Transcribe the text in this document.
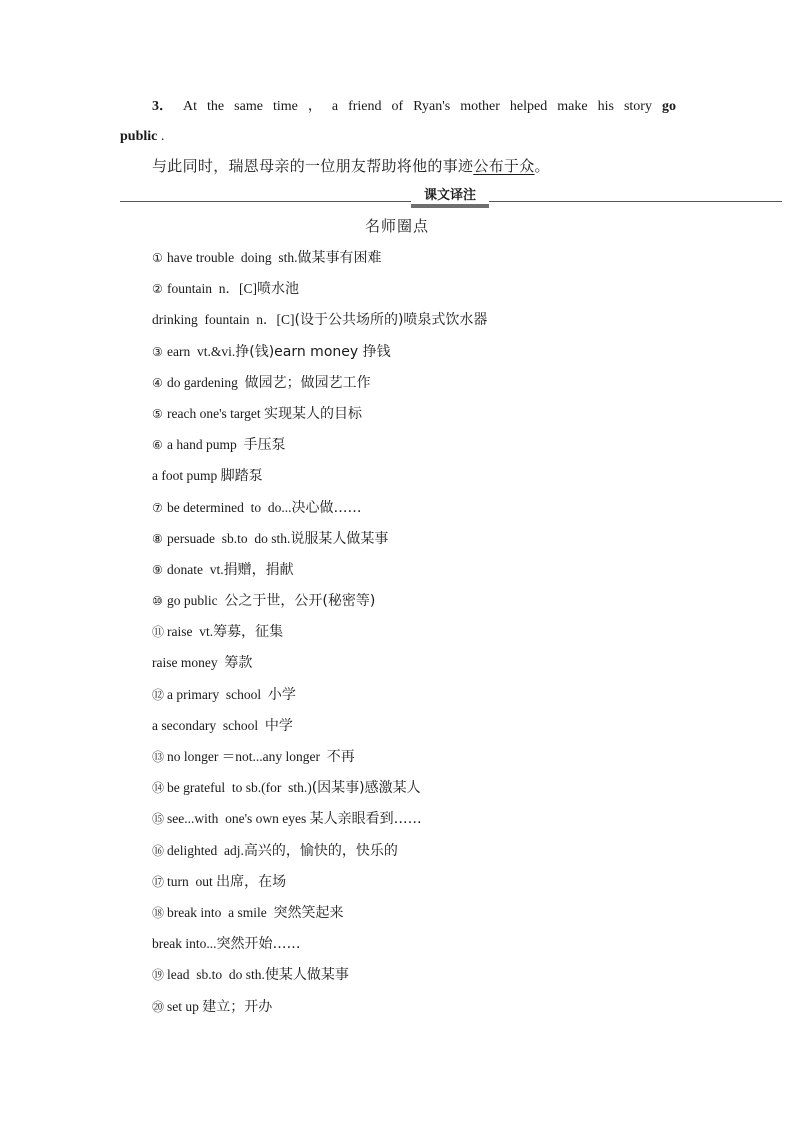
3． At the same time ， a friend of Ryan's mother helped make his story go
public .
与此同时，瑞恩母亲的一位朋友帮助将他的事迹公布于众。
课文译注
名师圈点
① have trouble  doing  sth. 做某事有困难
② fountain  n．[C] 喷水池
drinking  fountain  n．[C] (设于公共场所的)喷泉式饮水器
③ earn  vt.&vi. 挣(钱)earn money 挣钱
④ do gardening 做园艺；做园艺工作
⑤ reach one's target 实现某人的目标
⑥ a hand pump 手压泵
a foot pump 脚踏泵
⑦ be determined  to  do... 决心做……
⑧ persuade  sb.to  do sth. 说服某人做某事
⑨ donate  vt. 捐赠，捐献
⑩ go public 公之于世，公开(秘密等)
⑪ raise  vt. 筹募，征集
raise money 筹款
⑫ a primary  school 小学
a secondary  school 中学
⑬ no longer ＝not...any longer 不再
⑭ be grateful  to sb.(for  sth.) (因某事)感激某人
⑮ see...with  one's own eyes 某人亲眼看到……
⑯ delighted  adj. 高兴的，愉快的，快乐的
⑰ turn  out 出席，在场
⑱ break into  a smile 突然笑起来
break into... 突然开始……
⑲ lead  sb.to  do sth. 使某人做某事
⑳ set up 建立；开办
